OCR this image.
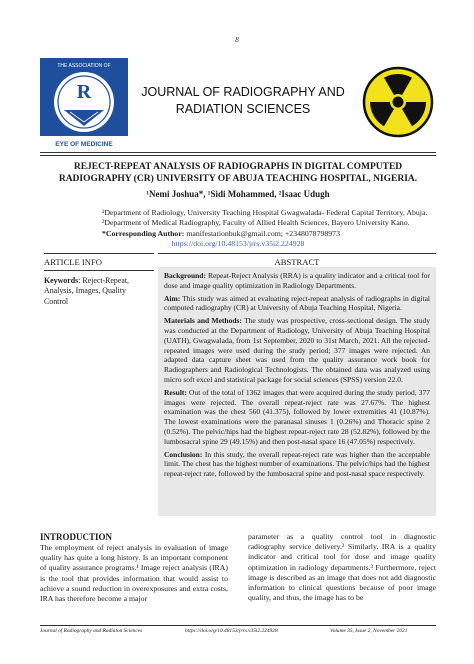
8
THE ASSOCIATION OF
R
EYE OF MEDICINE
JOURNAL OF RADIOGRAPHY AND
RADIATION SCIENCES
REJECT-REPEAT ANALYSIS OF RADIOGRAPHS IN DIGITAL COMPUTED RADIOGRAPHY (CR) UNIVERSITY OF ABUJA TEACHING HOSPITAL, NIGERIA.
¹Nemi Joshua*, ¹Sidi Mohammed, ²Isaac Udugh
¹Department of Radiology, University Teaching Hospital Gwagwalada- Federal Capital Territory, Abuja.
²Department of Medical Radiography, Faculty of Allied Health Sciences, Bayero University Kano.
*Corresponding Author: manifestationbuk@gmail.com; +2348078798973
https://doi.org/10.48153/jrrs.v35i2.224928
ARTICLE INFO
Keywords: Reject-Repeat, Analysis, Images, Quality Control
ABSTRACT

Background: Repeat-Reject Analysis (RRA) is a quality indicator and a critical tool for dose and image quality optimization in Radiology Departments.

Aim: This study was aimed at evaluating reject-repeat analysis of radiographs in digital computed radiography (CR) at University of Abuja Teaching Hospital, Nigeria.

Materials and Methods: The study was prospective, cross-sectional design. The study was conducted at the Department of Radiology, University of Abuja Teaching Hospital (UATH), Gwagwalada, from 1st September, 2020 to 31st March, 2021. All the rejected-repeated images were used during the study period; 377 images were rejected. An adapted data capture sheet was used from the quality assurance work book for Radiographers and Radiological Technologists. The obtained data was analyzed using micro soft excel and statistical package for social sciences (SPSS) version 22.0.

Result: Out of the total of 1362 images that were acquired during the study period, 377 images were rejected. The overall repeat-reject rate was 27.67%. The highest examination was the chest 560 (41.375), followed by lower extremities 41 (10.87%). The lowest examinations were the paranasal sinuses 1 (0.26%) and Thoracic spine 2 (0.52%). The pelvic/hips had the highest repeat-reject rate 28 (52.82%), followed by the lumbosacral spine 29 (49.15%) and then post-nasal space 16 (47.05%) respectively.

Conclusion: In this study, the overall repeat-reject rate was higher than the acceptable limit. The chest has the highest number of examinations. The pelvic/hips had the highest repeat-reject rate, followed by the lumbosacral spine and post-nasal space respectively.

INTRODUCTION
The employment of reject analysis in evaluation of image quality has quite a long history. Is an important component of quality assurance programs.¹ Image reject analysis (IRA) is the tool that provides information that would assist to achieve a sound reduction in overexposures and extra costs, IRA has therefore become a major
parameter as a quality control tool in diagnostic radiography service delivery.² Similarly, IRA is a quality indicator and critical tool for dose and image quality optimization in radiology departments.³ Furthermore, reject image is described as an image that does not add diagnostic information to clinical questions because of poor image quality, and thus, the image has to be
Journal of Radiography and Radiaton Sciences	https://doi.org/10.48153/jrrs.v35i2.224928	Volume 35, Issue 2, November 2021
